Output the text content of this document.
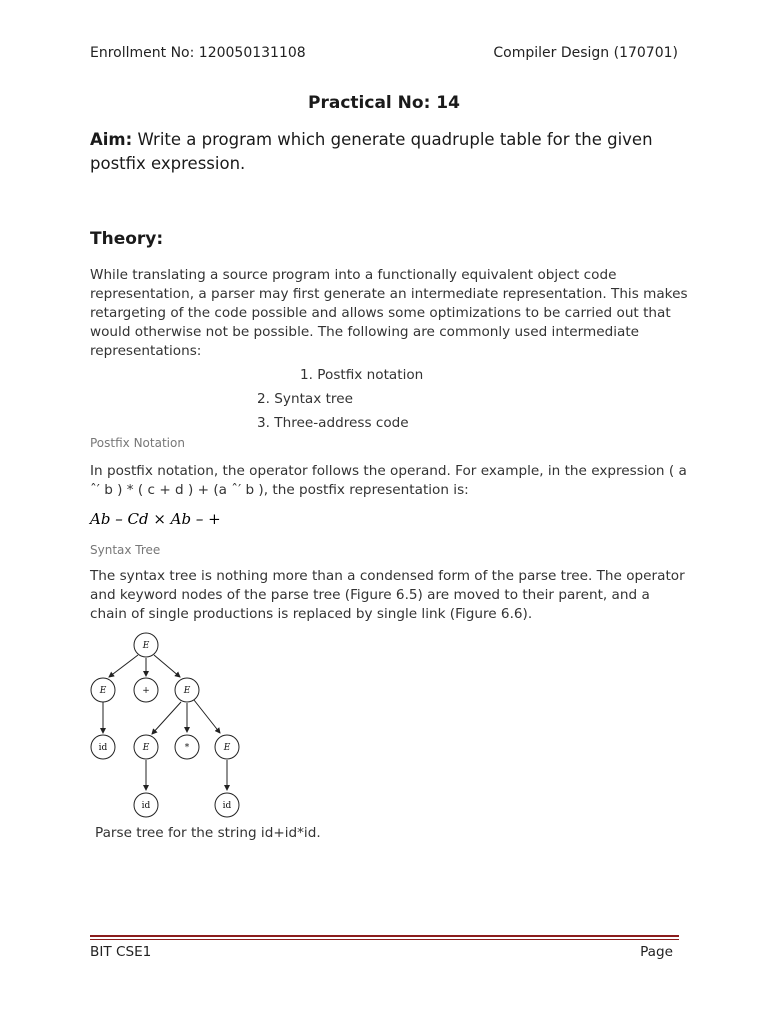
Enrollment No: 120050131108	Compiler Design (170701)
Practical No: 14
Aim: Write a program which generate quadruple table for the given postfix expression.
Theory:
While translating a source program into a functionally equivalent object code representation, a parser may first generate an intermediate representation. This makes retargeting of the code possible and allows some optimizations to be carried out that would otherwise not be possible. The following are commonly used intermediate representations:
1. Postfix notation
2. Syntax tree
3. Three-address code
Postfix Notation
In postfix notation, the operator follows the operand. For example, in the expression ( a ˆ′ b ) * ( c + d ) + (a ˆ′ b ), the postfix representation is:
Ab – Cd × Ab – +
Syntax Tree
The syntax tree is nothing more than a condensed form of the parse tree. The operator and keyword nodes of the parse tree (Figure 6.5) are moved to their parent, and a chain of single productions is replaced by single link (Figure 6.6).
E
E	+	E
id	E	*	E
id	id
Parse tree for the string id+id*id.
BIT CSE1	Page
